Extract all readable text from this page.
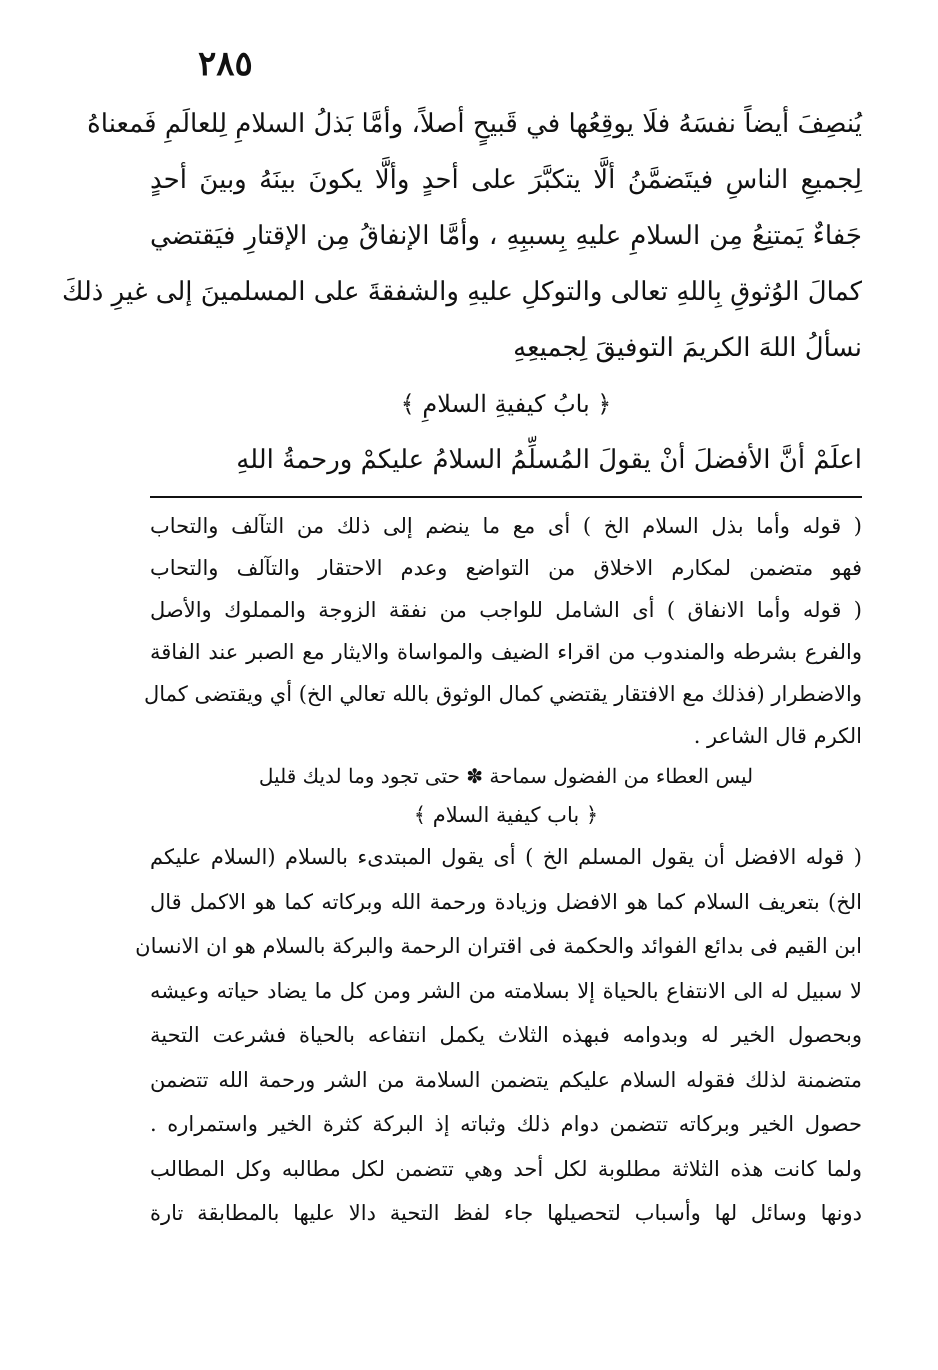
٢٨٥
يُنصِفَ أيضاً نفسَهُ فلَا يوقِعُها في قَبيحٍ أصلاً، وأمَّا بَذلُ السلامِ لِلعالَمِ فَمعناهُ
لِجميعِ الناسِ فيتَضمَّنُ ألَّا يتكبَّرَ على أحدٍ وألَّا يكونَ بينَهُ وبينَ أحدٍ
جَفاءٌ يَمتنِعُ مِن السلامِ عليهِ بِسببِهِ ، وأمَّا الإنفاقُ مِن الإقتارِ فيَقتضي
كمالَ الوُثوقِ بِاللهِ تعالى والتوكلِ عليهِ والشفقةَ على المسلمينَ إلى غيرِ ذلكَ
نسألُ اللهَ الكريمَ التوفيقَ لِجميعِهِ
﴿ بابُ كيفيةِ السلامِ ﴾
اعلَمْ أنَّ الأفضلَ أنْ يقولَ المُسلِّمُ السلامُ عليكمْ ورحمةُ اللهِ
( قوله وأما بذل السلام الخ ) أى مع ما ينضم إلى ذلك من التآلف والتحاب
فهو متضمن لمكارم الاخلاق من التواضع وعدم الاحتقار والتآلف والتحاب
( قوله وأما الانفاق ) أى الشامل للواجب من نفقة الزوجة والمملوك والأصل
والفرع بشرطه والمندوب من اقراء الضيف والمواساة والايثار مع الصبر عند الفاقة
والاضطرار (فذلك مع الافتقار يقتضي كمال الوثوق بالله تعالي الخ) أي ويقتضى كمال
الكرم قال الشاعر .
ليس العطاء من الفضول سماحة ✽ حتى تجود وما لديك قليل
﴿ باب كيفية السلام ﴾
( قوله الافضل أن يقول المسلم الخ ) أى يقول المبتدىء بالسلام (السلام عليكم
الخ) بتعريف السلام كما هو الافضل وزيادة ورحمة الله وبركاته كما هو الاكمل قال
ابن القيم فى بدائع الفوائد والحكمة فى اقتران الرحمة والبركة بالسلام هو ان الانسان
لا سبيل له الى الانتفاع بالحياة إلا بسلامته من الشر ومن كل ما يضاد حياته وعيشه
وبحصول الخير له وبدوامه فبهذه الثلاث يكمل انتفاعه بالحياة فشرعت التحية
متضمنة لذلك فقوله السلام عليكم يتضمن السلامة من الشر ورحمة الله تتضمن
حصول الخير وبركاته تتضمن دوام ذلك وثباته إذ البركة كثرة الخير واستمراره .
ولما كانت هذه الثلاثة مطلوبة لكل أحد وهي تتضمن لكل مطالبه وكل المطالب
دونها وسائل لها وأسباب لتحصيلها جاء لفظ التحية دالا عليها بالمطابقة تارة
